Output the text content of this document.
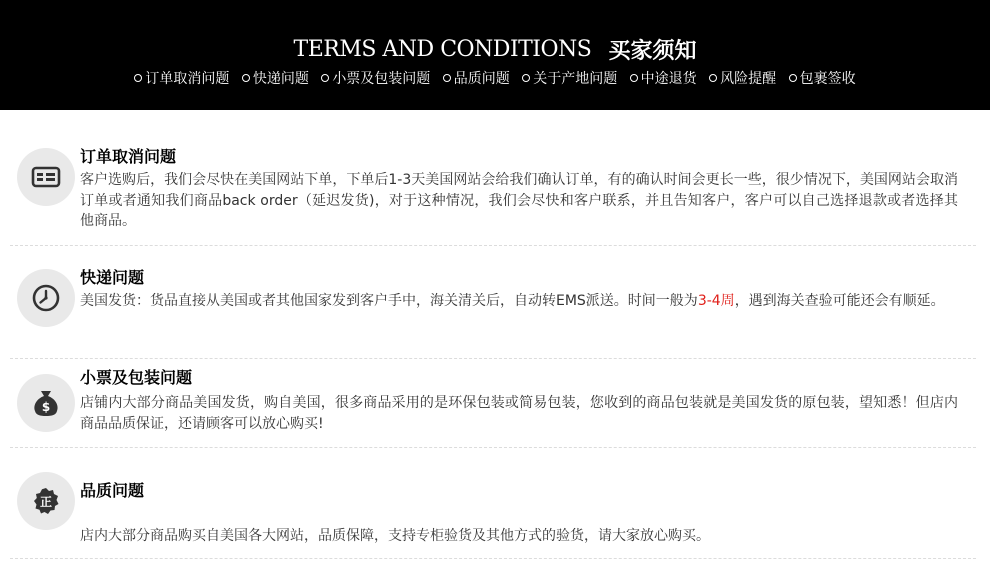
TERMS AND CONDITIONS 买家须知
订单取消问题 快递问题 小票及包装问题 品质问题 关于产地问题 中途退货 风险提醒 包裹签收
订单取消问题
客户选购后，我们会尽快在美国网站下单，下单后1-3天美国网站会给我们确认订单，有的确认时间会更长一些，很少情况下，美国网站会取消订单或者通知我们商品back order（延迟发货)，对于这种情况，我们会尽快和客户联系，并且告知客户，客户可以自己选择退款或者选择其他商品。
快递问题
美国发货：货品直接从美国或者其他国家发到客户手中，海关清关后，自动转EMS派送。时间一般为3-4周，遇到海关查验可能还会有顺延。
$
小票及包装问题
店铺内大部分商品美国发货，购自美国，很多商品采用的是环保包装或简易包装，您收到的商品包装就是美国发货的原包装，望知悉！但店内商品品质保证，还请顾客可以放心购买!
正
品质问题
店内大部分商品购买自美国各大网站，品质保障，支持专柜验货及其他方式的验货，请大家放心购买。
